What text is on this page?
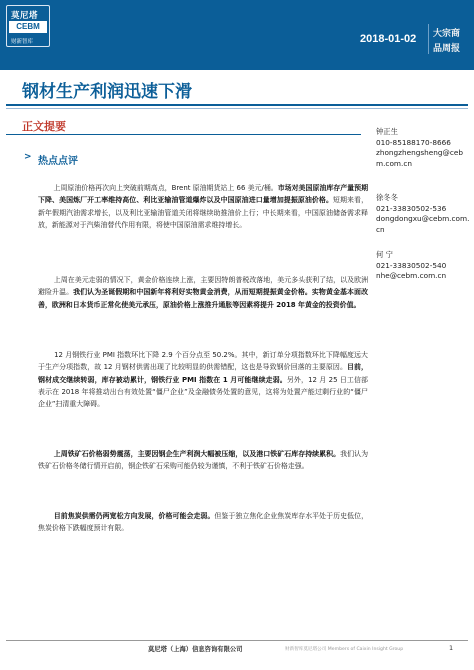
莫尼塔
CEBM
财新智库	2018-01-02 大宗商
品周报
钢材生产利润迅速下滑
正文提要
> 热点点评
上周原油价格再次向上突破前期高点，Brent 原油期货站上 66 美元/桶。市场对美国原油库存产量预期下降、美国炼厂开工率维持高位、利比亚输油管道爆炸以及中国原油进口量增加提振原油价格。短期来看，新年假期汽油需求增长，以及利比亚输油管道关闭将继续助推油价上行；中长期来看，中国原油储备需求释放，新能源对于汽柴油替代作用有限，将使中国原油需求维持增长。
上周在美元走弱的情况下，黄金价格连续上涨，主要因特朗普税改落地，美元多头获利了结，以及欧洲避险升温。我们认为圣诞假期和中国新年将利好实物黄金消费，从而短期提振黄金价格。实物黄金基本面改善，欧洲和日本货币正常化使美元承压，原油价格上涨推升通胀等因素将提升 2018 年黄金的投资价值。
12 月钢铁行业 PMI 指数环比下降 2.9 个百分点至 50.2%。其中，新订单分项指数环比下降幅度远大于生产分项指数，故 12 月钢材供需出现了比较明显的供需错配，这也是导致钢价回落的主要原因。目前，钢材成交继续转弱，库存被动累计，钢铁行业 PMI 指数在 1 月可能继续走弱。另外，12 月 25 日工信部表示在 2018 年将推动出台有效处置“僵尸企业”及金融债务处置的意见，这将为处置产能过剩行业的“僵尸企业”扫清重大障碍。
上周铁矿石价格弱势震荡，主要因钢企生产利润大幅被压缩，以及港口铁矿石库存持续累积。我们认为铁矿石价格冬储行情开启前，钢企铁矿石采购可能仍较为谨慎，不利于铁矿石价格走强。
目前焦炭供需仍两宽松方向发展，价格可能会走弱。但鉴于独立焦化企业焦炭库存水平处于历史低位，焦炭价格下跌幅度预计有限。
钟正生
010-85188170-8666
zhongzhengsheng@cebm.com.cn
徐冬冬
021-33830502-536
dongdongxu@cebm.com.cn
何 宁
021-33830502-540
nhe@cebm.com.cn
莫尼塔（上海）信息咨询有限公司	财新智库莫尼塔公司 Members of Caixin Insight Group	1
